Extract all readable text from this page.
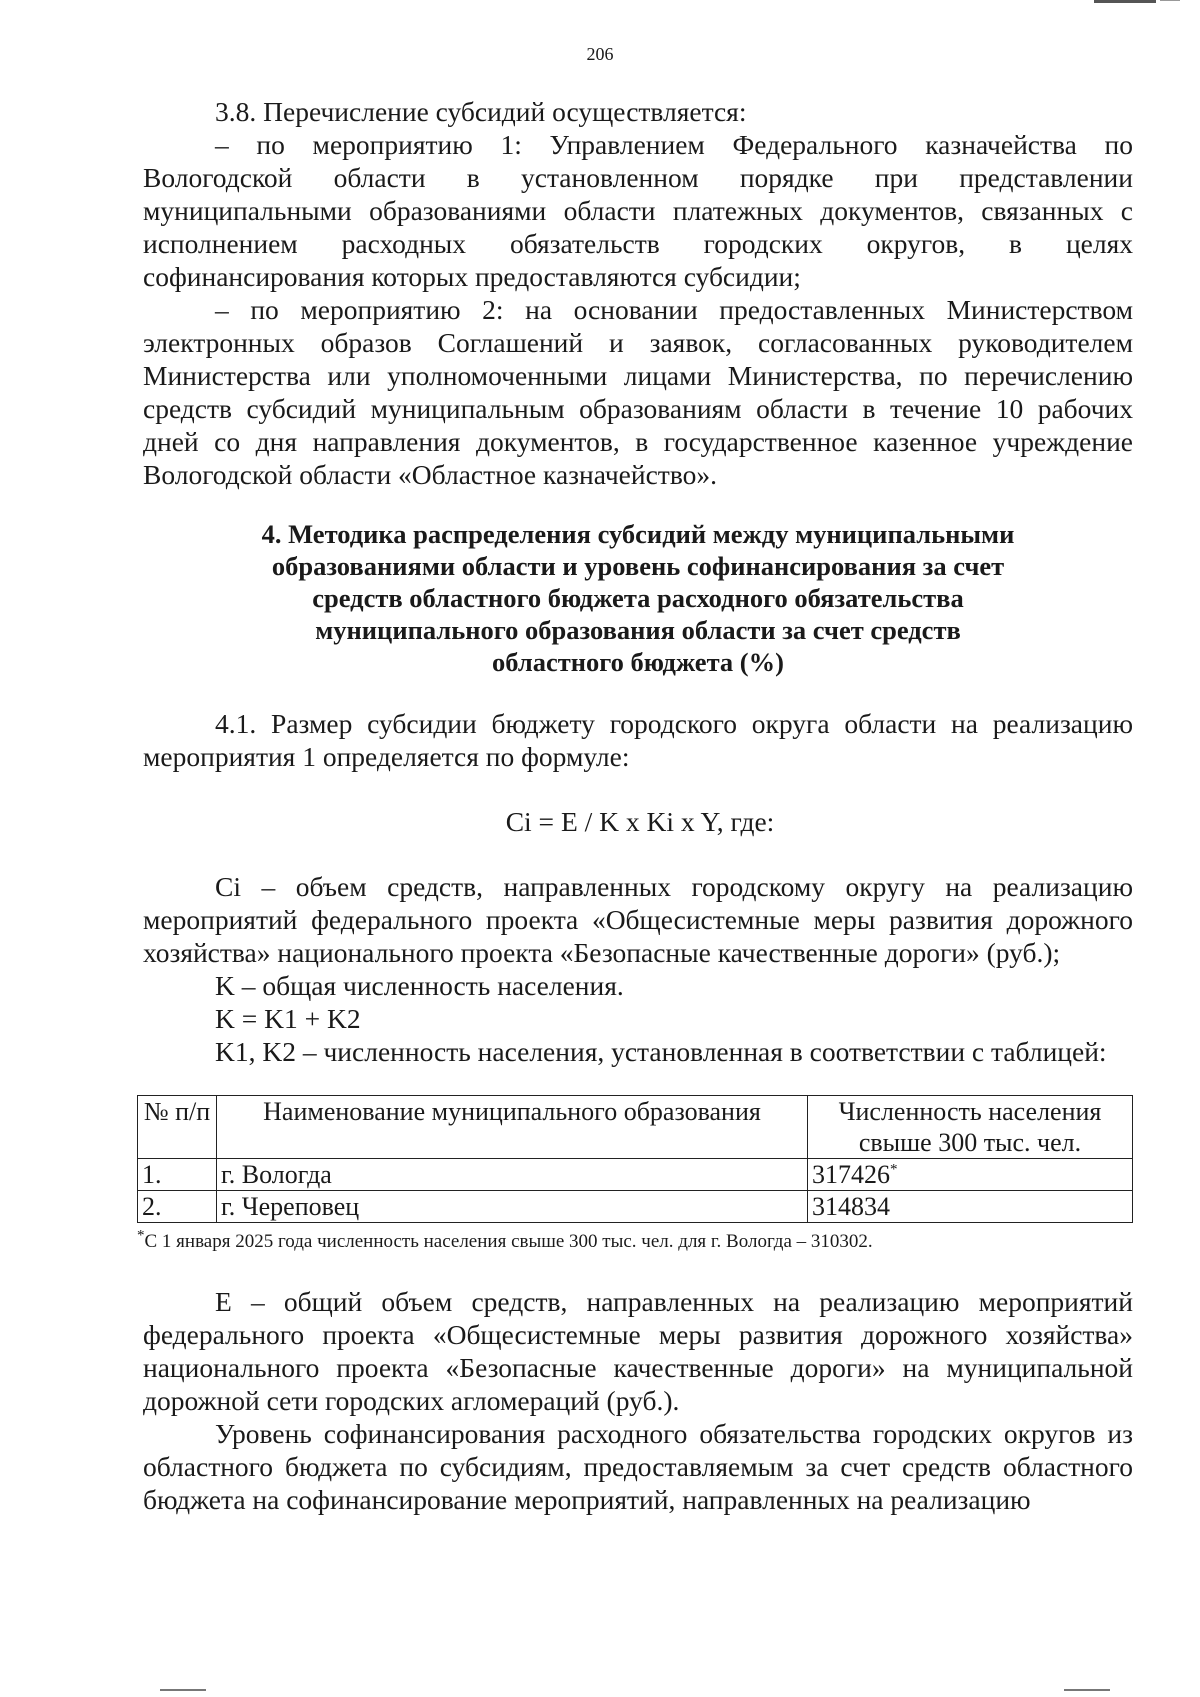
206

3.8. Перечисление субсидий осуществляется:

– по мероприятию 1: Управлением Федерального казначейства по Вологодской области в установленном порядке при представлении муниципальными образованиями области платежных документов, связанных с исполнением расходных обязательств городских округов, в целях софинансирования которых предоставляются субсидии;

– по мероприятию 2: на основании предоставленных Министерством электронных образов Соглашений и заявок, согласованных руководителем Министерства или уполномоченными лицами Министерства, по перечислению средств субсидий муниципальным образованиям области в течение 10 рабочих дней со дня направления документов, в государственное казенное учреждение Вологодской области «Областное казначейство».

4. Методика распределения субсидий между муниципальными
образованиями области и уровень софинансирования за счет
средств областного бюджета расходного обязательства
муниципального образования области за счет средств
областного бюджета (%)

4.1. Размер субсидии бюджету городского округа области на реализацию мероприятия 1 определяется по формуле:

Ci = E / K x Ki x Y, где:

Ci – объем средств, направленных городскому округу на реализацию мероприятий федерального проекта «Общесистемные меры развития дорожного хозяйства» национального проекта «Безопасные качественные дороги» (руб.);

K – общая численность населения.

K = K1 + K2

K1, K2 – численность населения, установленная в соответствии с таблицей:

№ п/п	Наименование муниципального образования	Численность населения свыше 300 тыс. чел.
1.	г. Вологда	317426*
2.	г. Череповец	314834
*С 1 января 2025 года численность населения свыше 300 тыс. чел. для г. Вологда – 310302.

E – общий объем средств, направленных на реализацию мероприятий федерального проекта «Общесистемные меры развития дорожного хозяйства» национального проекта «Безопасные качественные дороги» на муниципальной дорожной сети городских агломераций (руб.).

Уровень софинансирования расходного обязательства городских округов из областного бюджета по субсидиям, предоставляемым за счет средств областного бюджета на софинансирование мероприятий, направленных на реализацию
